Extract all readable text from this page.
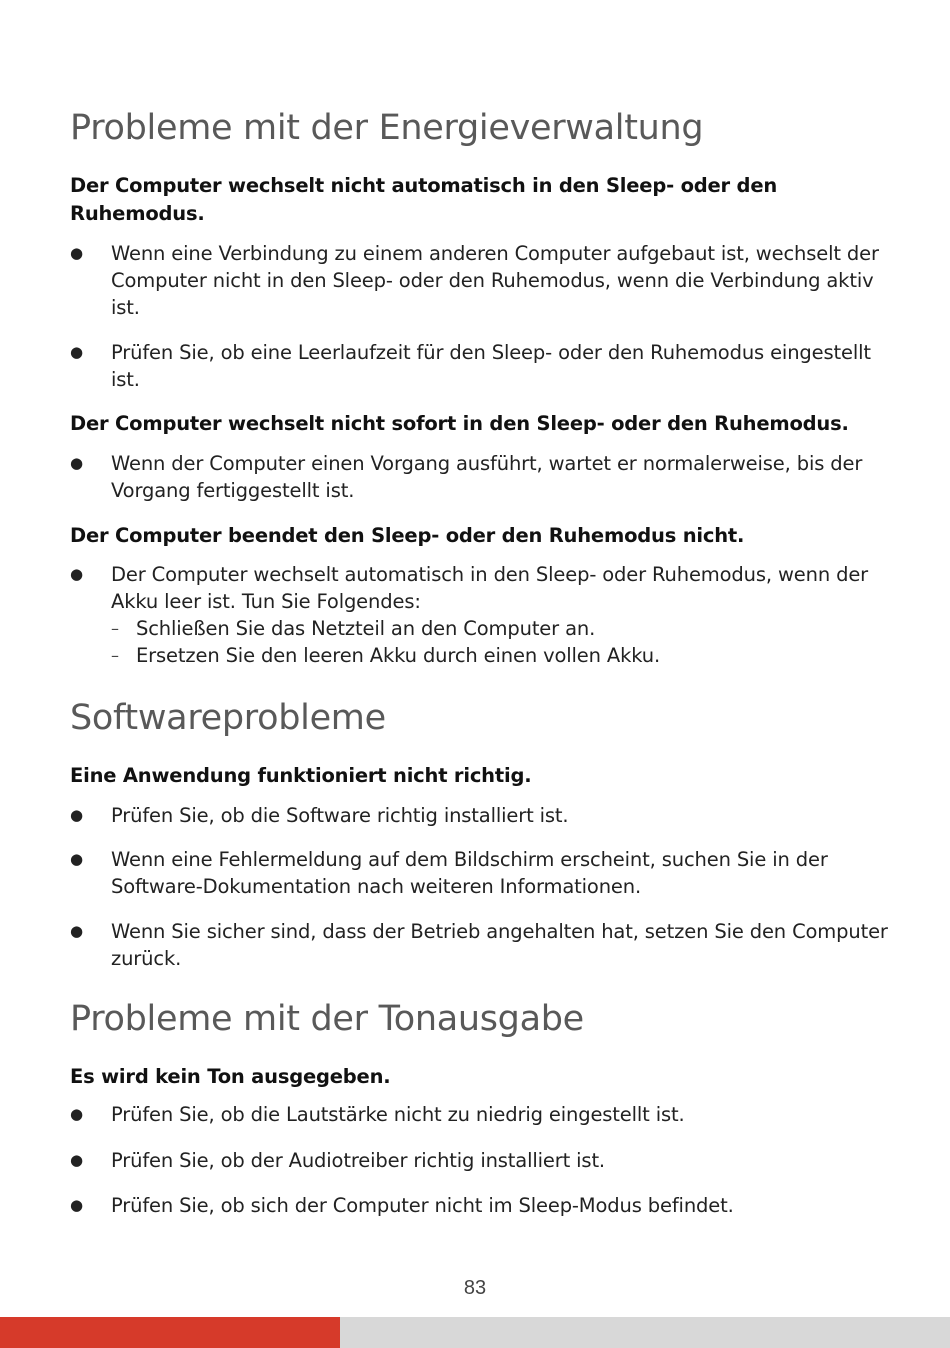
Probleme mit der Energieverwaltung
Der Computer wechselt nicht automatisch in den Sleep- oder den Ruhemodus.
●	Wenn eine Verbindung zu einem anderen Computer aufgebaut ist, wechselt der Computer nicht in den Sleep- oder den Ruhemodus, wenn die Verbindung aktiv ist.
●	Prüfen Sie, ob eine Leerlaufzeit für den Sleep- oder den Ruhemodus eingestellt ist.
Der Computer wechselt nicht sofort in den Sleep- oder den Ruhemodus.
●	Wenn der Computer einen Vorgang ausführt, wartet er normalerweise, bis der Vorgang fertiggestellt ist.
Der Computer beendet den Sleep- oder den Ruhemodus nicht.
●	Der Computer wechselt automatisch in den Sleep- oder Ruhemodus, wenn der Akku leer ist. Tun Sie Folgendes:
– Schließen Sie das Netzteil an den Computer an.
– Ersetzen Sie den leeren Akku durch einen vollen Akku.
Softwareprobleme
Eine Anwendung funktioniert nicht richtig.
●	Prüfen Sie, ob die Software richtig installiert ist.
●	Wenn eine Fehlermeldung auf dem Bildschirm erscheint, suchen Sie in der Software-Dokumentation nach weiteren Informationen.
●	Wenn Sie sicher sind, dass der Betrieb angehalten hat, setzen Sie den Computer zurück.
Probleme mit der Tonausgabe
Es wird kein Ton ausgegeben.
●	Prüfen Sie, ob die Lautstärke nicht zu niedrig eingestellt ist.
●	Prüfen Sie, ob der Audiotreiber richtig installiert ist.
●	Prüfen Sie, ob sich der Computer nicht im Sleep-Modus befindet.
83
